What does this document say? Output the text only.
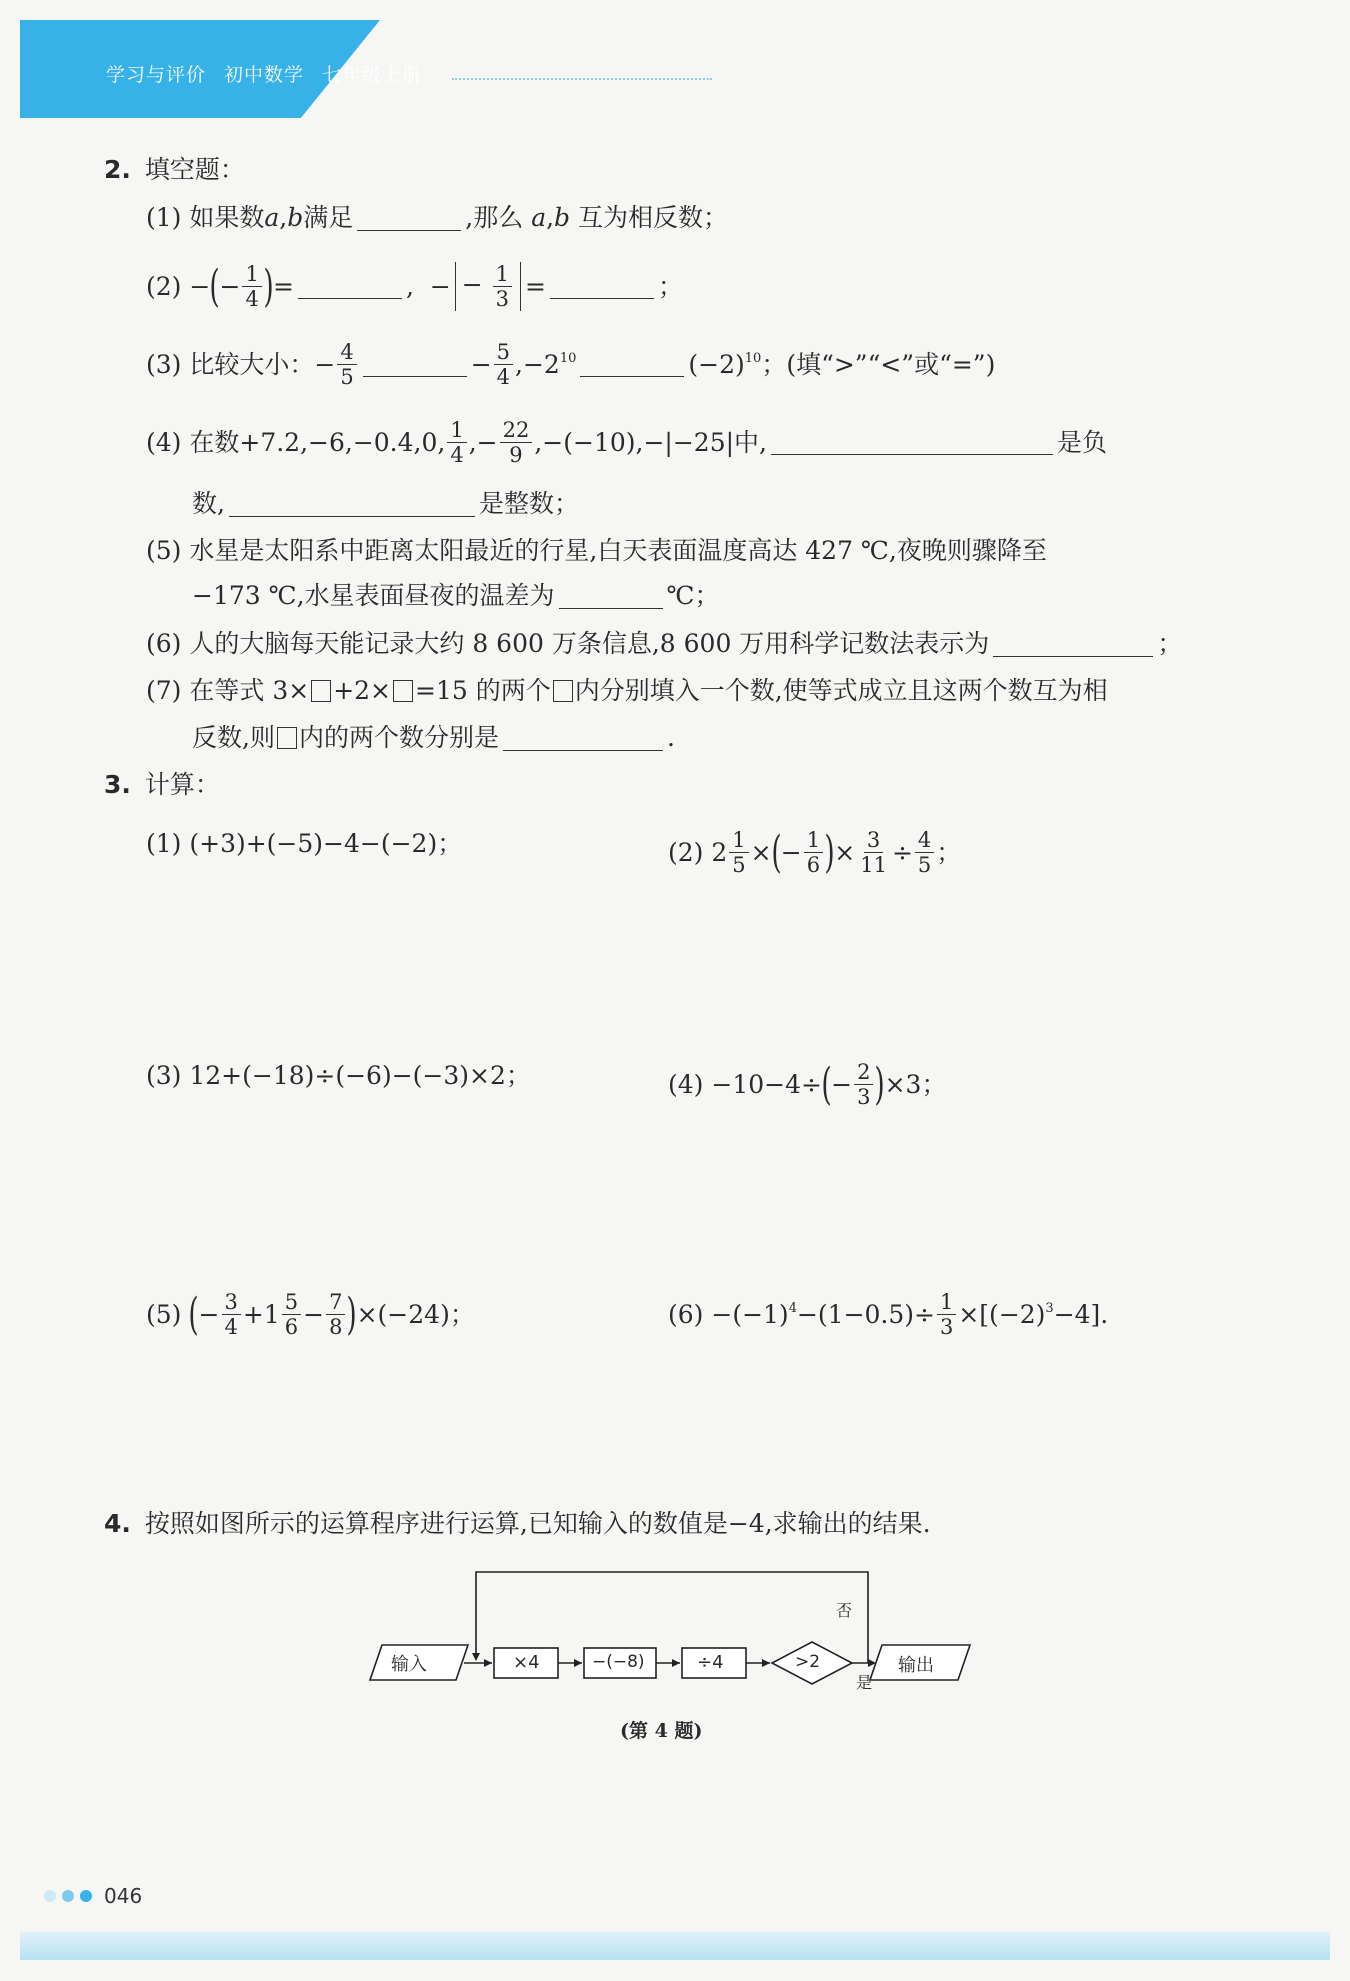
学习与评价 初中数学 七年级上册
2. 填空题：
(1)
如果数 a , b 满足	,那么
a , b
互为相反数；
(2)
− ( − $\frac{1}{4}$ ) =	,
− − $\frac{1}{3}$ =	；
(3)
比较大小：− $\frac{4}{5}$	− $\frac{5}{4} ,-2^{10}$	$(-2)^{10}$ ；(填“>”“<”或“=”)
(4)
在数+7.2,−6,−0.4,0, $\frac{1}{4}$ ,− $\frac{22}{9} ,-(-10),-|-25|$中,	是负
数,	是整数；
(5)
水星是太阳系中距离太阳最近的行星,白天表面温度高达 427 ℃,夜晚则骤降至
−173 ℃,水星表面昼夜的温差为	℃；
(6)
人的大脑每天能记录大约 8 600 万条信息,8 600 万用科学记数法表示为	；
(7)
在等式 3× +2× =15 的两个 内分别填入一个数,使等式成立且这两个数互为相
反数,则 内的两个数分别是	.
3. 计算：
(1)
(+3)+(−5)−4−(−2)；	(2)
$2 \frac{1}{5}$ × ( − $\frac{1}{6}$ ) × $\frac{3}{11} \div \frac{4}{5}$ ；
(3)
12+(−18)÷(−6)−(−3)×2；	(4)
−10−4÷ ( − $\frac{2}{3}$ ) ×3；
(5)
( − $\frac{3}{4} +1 \frac{5}{6} - \frac{7}{8}$ ) ×(−24)；	(6)
$-(-1)^4 -(1-0.5)\div \frac{1}{3} \times[(-2)^3 -4]$.
4. 按照如图所示的运算程序进行运算,已知输入的数值是−4,求输出的结果.
输入	×4	−(−8)	÷4	>2
否
是
输出
(第 4 题)
046
